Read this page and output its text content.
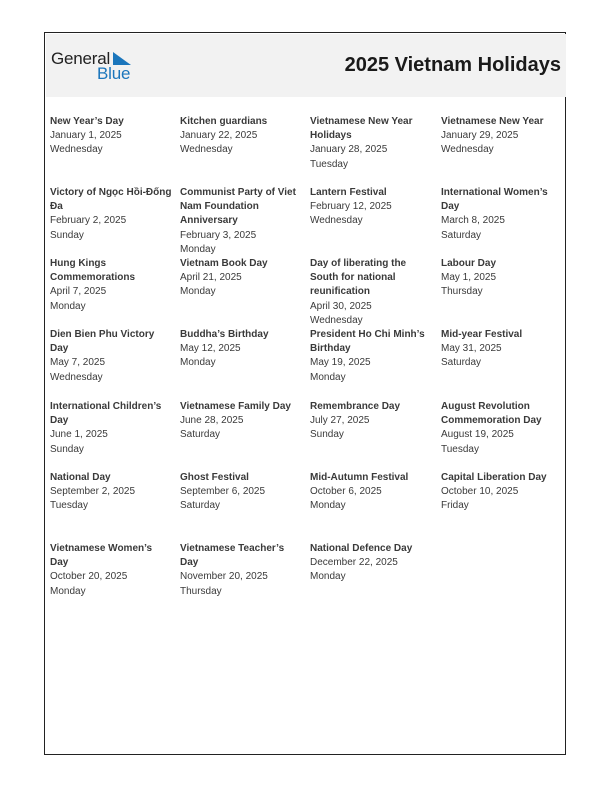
General
Blue	2025 Vietnam Holidays
New Year’s Day
January 1, 2025
Wednesday
Kitchen guardians
January 22, 2025
Wednesday
Vietnamese New Year Holidays
January 28, 2025
Tuesday
Vietnamese New Year
January 29, 2025
Wednesday
Victory of Ngọc Hồi-Đống Đa
February 2, 2025
Sunday
Communist Party of Viet Nam Foundation Anniversary
February 3, 2025
Monday
Lantern Festival
February 12, 2025
Wednesday
International Women’s Day
March 8, 2025
Saturday
Hung Kings Commemorations
April 7, 2025
Monday
Vietnam Book Day
April 21, 2025
Monday
Day of liberating the South for national reunification
April 30, 2025
Wednesday
Labour Day
May 1, 2025
Thursday
Dien Bien Phu Victory Day
May 7, 2025
Wednesday
Buddha’s Birthday
May 12, 2025
Monday
President Ho Chi Minh’s Birthday
May 19, 2025
Monday
Mid-year Festival
May 31, 2025
Saturday
International Children’s Day
June 1, 2025
Sunday
Vietnamese Family Day
June 28, 2025
Saturday
Remembrance Day
July 27, 2025
Sunday
August Revolution Commemoration Day
August 19, 2025
Tuesday
National Day
September 2, 2025
Tuesday
Ghost Festival
September 6, 2025
Saturday
Mid-Autumn Festival
October 6, 2025
Monday
Capital Liberation Day
October 10, 2025
Friday
Vietnamese Women’s Day
October 20, 2025
Monday
Vietnamese Teacher’s Day
November 20, 2025
Thursday
National Defence Day
December 22, 2025
Monday
